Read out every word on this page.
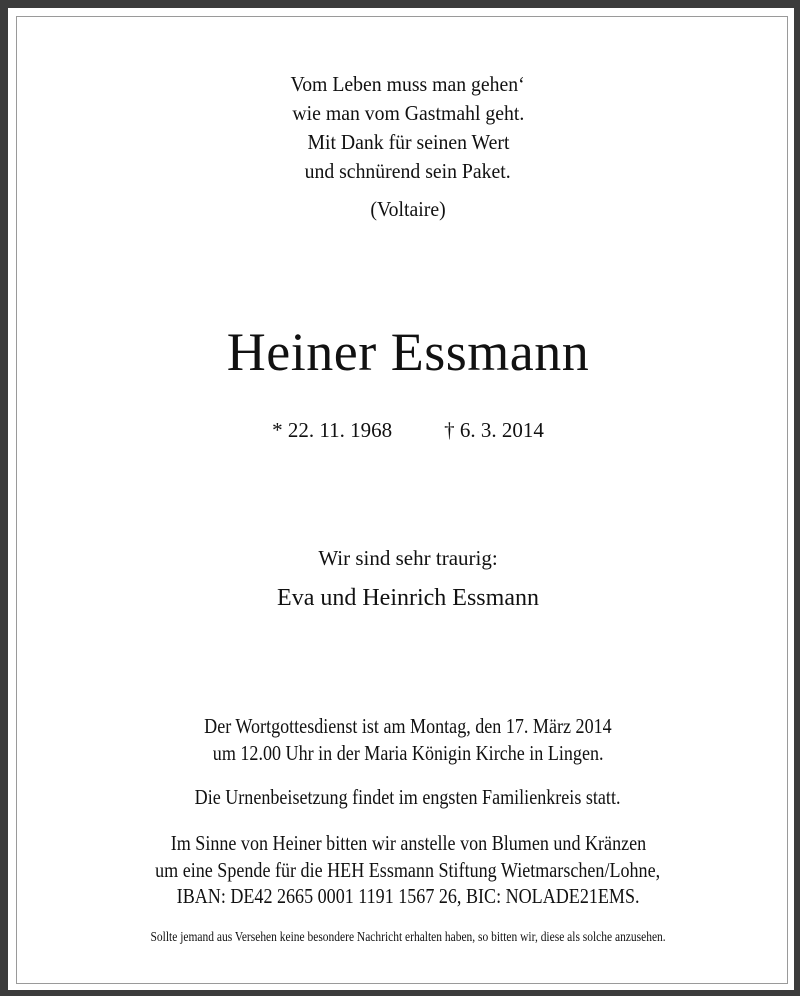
Vom Leben muss man gehen‘
wie man vom Gastmahl geht.
Mit Dank für seinen Wert
und schnürend sein Paket.
(Voltaire)
Heiner Essmann
* 22. 11. 1968 † 6. 3. 2014
Wir sind sehr traurig:
Eva und Heinrich Essmann
Der Wortgottesdienst ist am Montag, den 17. März 2014
um 12.00 Uhr in der Maria Königin Kirche in Lingen.
Die Urnenbeisetzung findet im engsten Familienkreis statt.
Im Sinne von Heiner bitten wir anstelle von Blumen und Kränzen
um eine Spende für die HEH Essmann Stiftung Wietmarschen/Lohne,
IBAN: DE42 2665 0001 1191 1567 26, BIC: NOLADE21EMS.
Sollte jemand aus Versehen keine besondere Nachricht erhalten haben, so bitten wir, diese als solche anzusehen.
